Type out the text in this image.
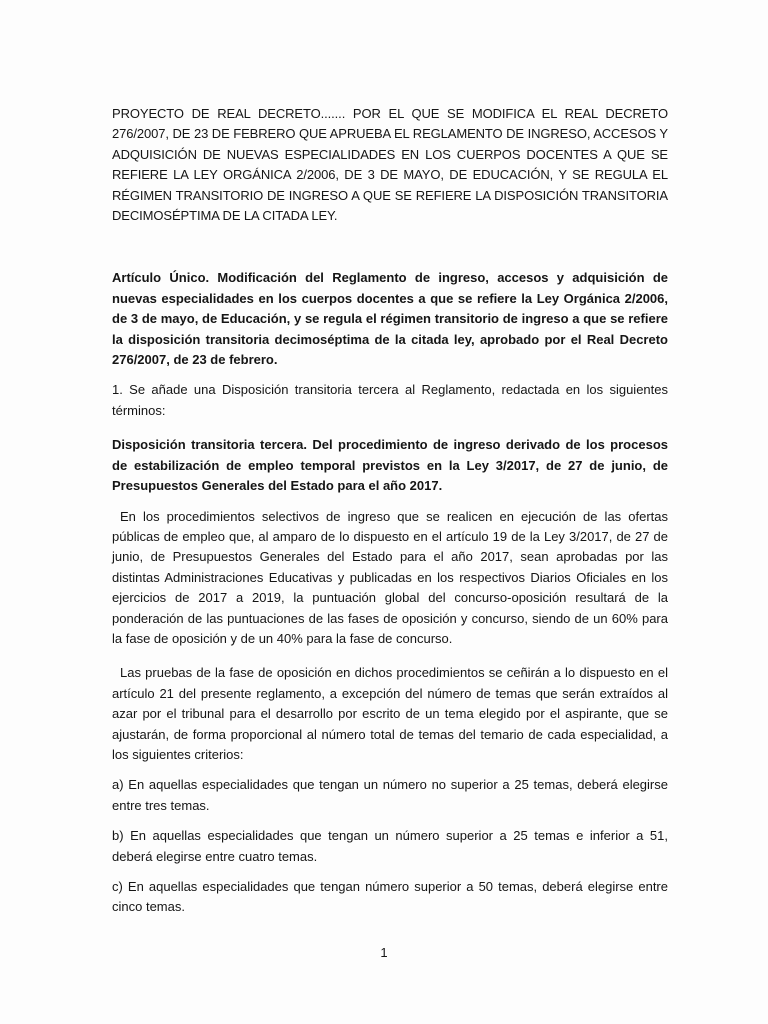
PROYECTO DE REAL DECRETO....... POR EL QUE SE MODIFICA EL REAL DECRETO 276/2007, DE 23 DE FEBRERO QUE APRUEBA EL REGLAMENTO DE INGRESO, ACCESOS Y ADQUISICIÓN DE NUEVAS ESPECIALIDADES EN LOS CUERPOS DOCENTES A QUE SE REFIERE LA LEY ORGÁNICA 2/2006, DE 3 DE MAYO, DE EDUCACIÓN, Y SE REGULA EL RÉGIMEN TRANSITORIO DE INGRESO A QUE SE REFIERE LA DISPOSICIÓN TRANSITORIA DECIMOSÉPTIMA DE LA CITADA LEY.

Artículo Único. Modificación del Reglamento de ingreso, accesos y adquisición de nuevas especialidades en los cuerpos docentes a que se refiere la Ley Orgánica 2/2006, de 3 de mayo, de Educación, y se regula el régimen transitorio de ingreso a que se refiere la disposición transitoria decimoséptima de la citada ley, aprobado por el Real Decreto 276/2007, de 23 de febrero.

1. Se añade una Disposición transitoria tercera al Reglamento, redactada en los siguientes términos:

Disposición transitoria tercera. Del procedimiento de ingreso derivado de los procesos de estabilización de empleo temporal previstos en la Ley 3/2017, de 27 de junio, de Presupuestos Generales del Estado para el año 2017.

En los procedimientos selectivos de ingreso que se realicen en ejecución de las ofertas públicas de empleo que, al amparo de lo dispuesto en el artículo 19 de la Ley 3/2017, de 27 de junio, de Presupuestos Generales del Estado para el año 2017, sean aprobadas por las distintas Administraciones Educativas y publicadas en los respectivos Diarios Oficiales en los ejercicios de 2017 a 2019, la puntuación global del concurso-oposición resultará de la ponderación de las puntuaciones de las fases de oposición y concurso, siendo de un 60% para la fase de oposición y de un 40% para la fase de concurso.

Las pruebas de la fase de oposición en dichos procedimientos se ceñirán a lo dispuesto en el artículo 21 del presente reglamento, a excepción del número de temas que serán extraídos al azar por el tribunal para el desarrollo por escrito de un tema elegido por el aspirante, que se ajustarán, de forma proporcional al número total de temas del temario de cada especialidad, a los siguientes criterios:

a) En aquellas especialidades que tengan un número no superior a 25 temas, deberá elegirse entre tres temas.

b) En aquellas especialidades que tengan un número superior a 25 temas e inferior a 51, deberá elegirse entre cuatro temas.

c) En aquellas especialidades que tengan número superior a 50 temas, deberá elegirse entre cinco temas.

1
